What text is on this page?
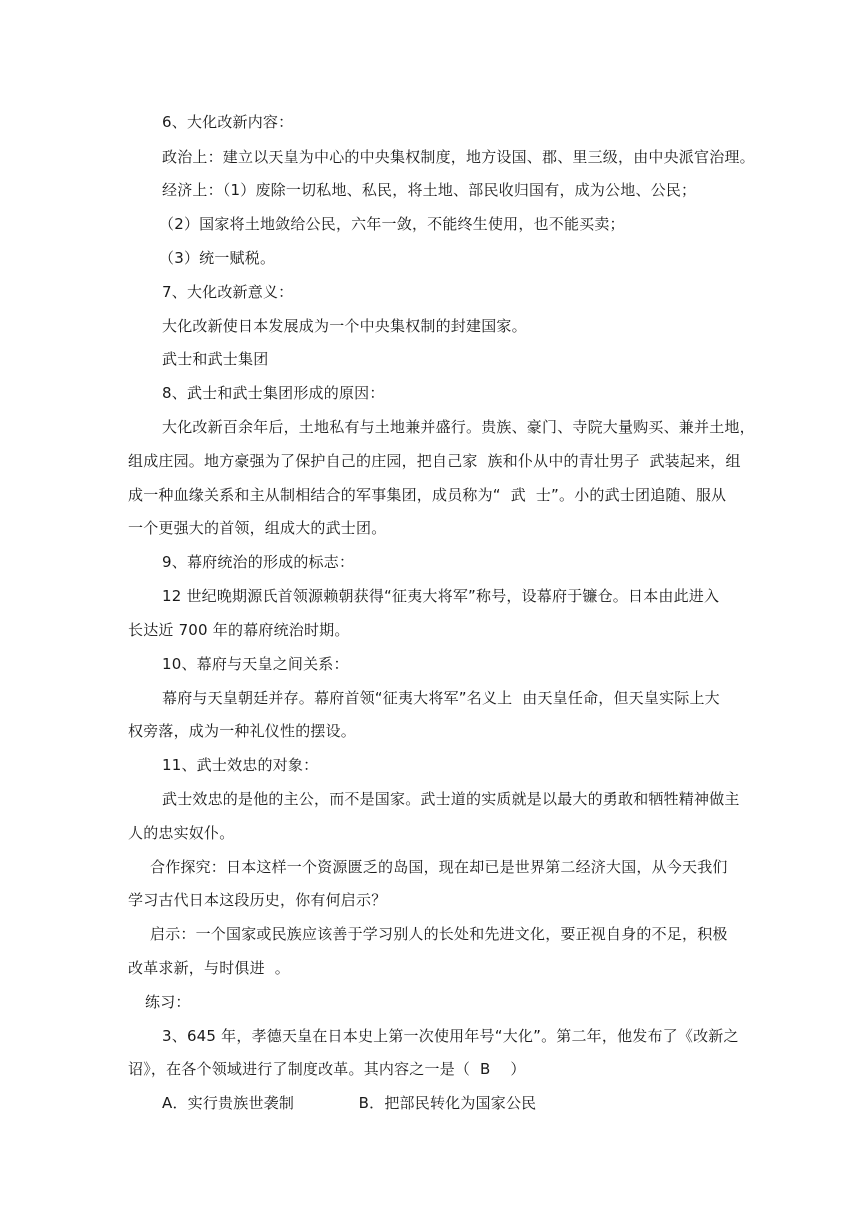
6、大化改新内容：
政治上：建立以天皇为中心的中央集权制度，地方设国、郡、里三级，由中央派官治理。
经济上：（1）废除一切私地、私民，将土地、部民收归国有，成为公地、公民；
（2）国家将土地敛给公民，六年一敛，不能终生使用，也不能买卖；
（3）统一赋税。
7、大化改新意义：
大化改新使日本发展成为一个中央集权制的封建国家。
武士和武士集团
8、武士和武士集团形成的原因：
大化改新百余年后，土地私有与土地兼并盛行。贵族、豪门、寺院大量购买、兼并土地，
组成庄园。地方豪强为了保护自己的庄园，把自己家  族和仆从中的青壮男子  武装起来，组
成一种血缘关系和主从制相结合的军事集团，成员称为“  武  士”。小的武士团追随、服从
一个更强大的首领，组成大的武士团。
9、幕府统治的形成的标志：
12 世纪晚期源氏首领源赖朝获得“征夷大将军”称号，设幕府于镰仓。日本由此进入
长达近 700 年的幕府统治时期。
10、幕府与天皇之间关系：
幕府与天皇朝廷并存。幕府首领“征夷大将军”名义上  由天皇任命，但天皇实际上大
权旁落，成为一种礼仪性的摆设。
11、武士效忠的对象：
武士效忠的是他的主公，而不是国家。武士道的实质就是以最大的勇敢和牺牲精神做主
人的忠实奴仆。
合作探究：日本这样一个资源匮乏的岛国，现在却已是世界第二经济大国，从今天我们
学习古代日本这段历史，你有何启示？
启示：一个国家或民族应该善于学习别人的长处和先进文化，要正视自身的不足，积极
改革求新，与时俱进  。
练习：
3、645 年，孝德天皇在日本史上第一次使用年号“大化”。第二年，他发布了《改新之
诏》，在各个领域进行了制度改革。其内容之一是（  B    ）
A．实行贵族世袭制             B．把部民转化为国家公民
